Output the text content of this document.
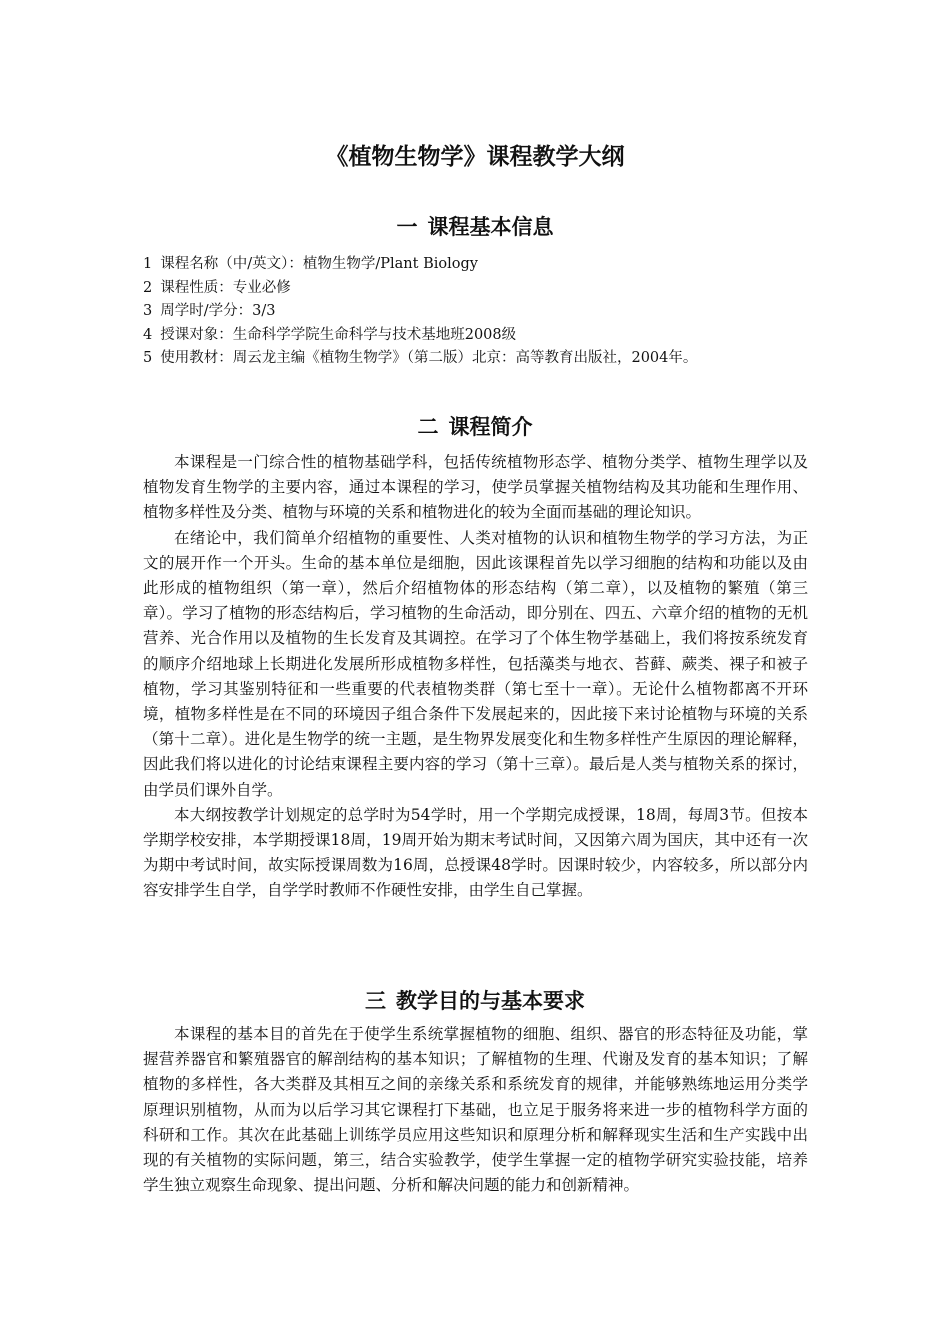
《植物生物学》课程教学大纲
一 课程基本信息
1 课程名称（中/英文）：植物生物学/Plant Biology
2 课程性质：专业必修
3 周学时/学分：3/3
4 授课对象：生命科学学院生命科学与技术基地班2008级
5 使用教材：周云龙主编《植物生物学》（第二版）北京：高等教育出版社，2004年。
二 课程简介

本课程是一门综合性的植物基础学科，包括传统植物形态学、植物分类学、植物生理学以及植物发育生物学的主要内容，通过本课程的学习，使学员掌握关植物结构及其功能和生理作用、植物多样性及分类、植物与环境的关系和植物进化的较为全面而基础的理论知识。

在绪论中，我们简单介绍植物的重要性、人类对植物的认识和植物生物学的学习方法，为正文的展开作一个开头。生命的基本单位是细胞，因此该课程首先以学习细胞的结构和功能以及由此形成的植物组织（第一章），然后介绍植物体的形态结构（第二章），以及植物的繁殖（第三章）。学习了植物的形态结构后，学习植物的生命活动，即分别在、四五、六章介绍的植物的无机营养、光合作用以及植物的生长发育及其调控。在学习了个体生物学基础上，我们将按系统发育的顺序介绍地球上长期进化发展所形成植物多样性，包括藻类与地衣、苔藓、蕨类、裸子和被子植物，学习其鉴别特征和一些重要的代表植物类群（第七至十一章）。无论什么植物都离不开环境，植物多样性是在不同的环境因子组合条件下发展起来的，因此接下来讨论植物与环境的关系（第十二章）。进化是生物学的统一主题，是生物界发展变化和生物多样性产生原因的理论解释，因此我们将以进化的讨论结束课程主要内容的学习（第十三章）。最后是人类与植物关系的探讨，由学员们课外自学。

本大纲按教学计划规定的总学时为54学时，用一个学期完成授课，18周，每周3节。但按本学期学校安排，本学期授课18周，19周开始为期末考试时间，又因第六周为国庆，其中还有一次为期中考试时间，故实际授课周数为16周，总授课48学时。因课时较少，内容较多，所以部分内容安排学生自学，自学学时教师不作硬性安排，由学生自己掌握。

三 教学目的与基本要求

本课程的基本目的首先在于使学生系统掌握植物的细胞、组织、器官的形态特征及功能，掌握营养器官和繁殖器官的解剖结构的基本知识；了解植物的生理、代谢及发育的基本知识；了解植物的多样性，各大类群及其相互之间的亲缘关系和系统发育的规律，并能够熟练地运用分类学原理识别植物，从而为以后学习其它课程打下基础，也立足于服务将来进一步的植物科学方面的科研和工作。其次在此基础上训练学员应用这些知识和原理分析和解释现实生活和生产实践中出现的有关植物的实际问题，第三，结合实验教学，使学生掌握一定的植物学研究实验技能，培养学生独立观察生命现象、提出问题、分析和解决问题的能力和创新精神。
